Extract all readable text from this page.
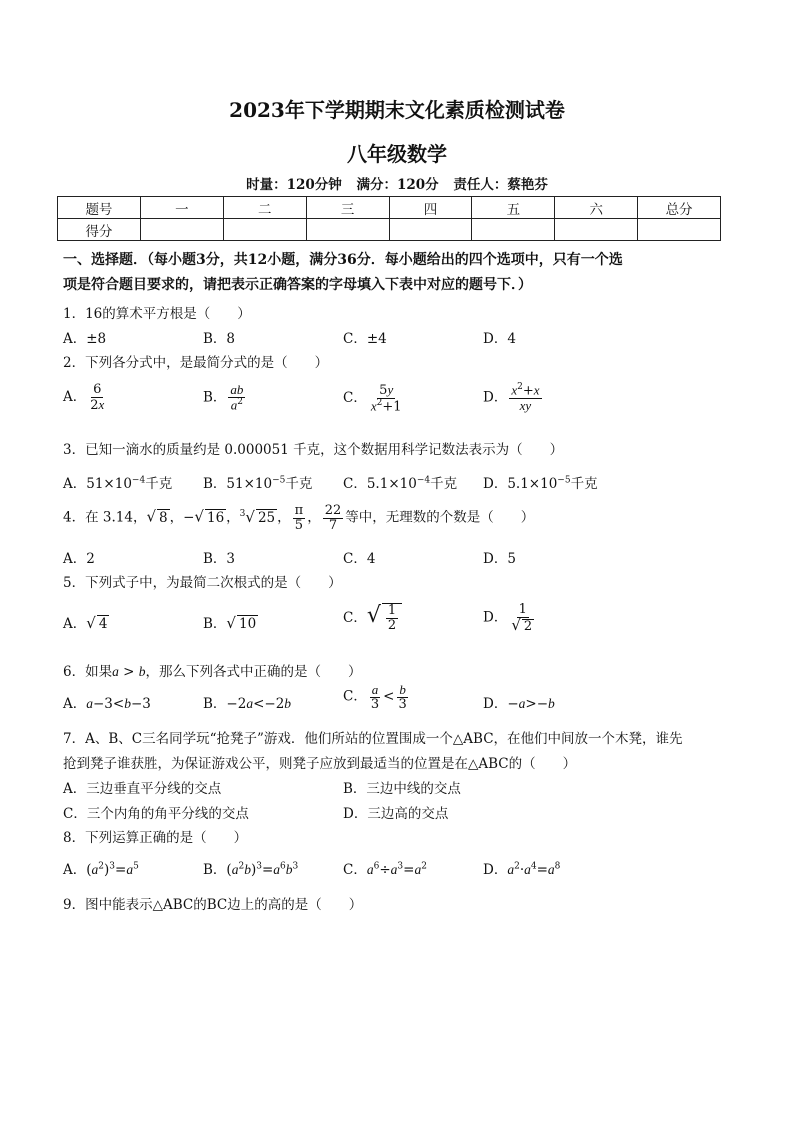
2023年下学期期末文化素质检测试卷
八年级数学
时量：120分钟 满分：120分 责任人：蔡艳芬
题号	一	二	三	四	五	六	总分
得分							
一、选择题．（每小题3分，共12小题，满分36分．每小题给出的四个选项中，只有一个选
项是符合题目要求的，请把表示正确答案的字母填入下表中对应的题号下．）
1．16的算术平方根是（　　）
A．±8	B．8	C．±4	D．4
2．下列各分式中，是最简分式的是（　　）
A． $\frac{6}{2x}$	B． $\frac{ab}{a^2}$	C． $\frac{5y}{x^2+1}$	D． $\frac{x^2+x}{xy}$
3．已知一滴水的质量约是 0.000051 千克，这个数据用科学记数法表示为（　　）
A．$51\times 10^{-4}$千克 B．$51\times 10^{-5}$千克 C．$5.1\times 10^{-4}$千克 D．$5.1\times 10^{-5}$千克
4．在 3.14，√ 8 ，−√ 16 ，$^3$√ 25 ， $\frac{\pi}{5}$ ， $\frac{22}{7}$ 等中，无理数的个数是（　　）
A．2	B．3	C．4	D．5
5．下列式子中，为最简二次根式的是（　　）
A．√ 4	B．√ 10	C．√ $\frac{1}{2}$	D． $\frac{1}{√ 2}$
6．如果a > b，那么下列各式中正确的是（　　）
A．a−3<b−3	B．−2a<−2b	C． $\frac{a}{3} < \frac{b}{3}$	D．−a>−b
7．A、B、C三名同学玩“抢凳子”游戏．他们所站的位置围成一个△ABC，在他们中间放一个木凳，谁先
抢到凳子谁获胜，为保证游戏公平，则凳子应放到最适当的位置是在△ABC的（　　）
A．三边垂直平分线的交点	B．三边中线的交点
C．三个内角的角平分线的交点	D．三边高的交点
8．下列运算正确的是（　　）
A．$(a^2)^3=a^5$	B．$(a^2b)^3=a^6b^3$	C．$a^6\div a^3=a^2$	D．$a^2\cdot a^4=a^8$
9．图中能表示△ABC的BC边上的高的是（　　）
